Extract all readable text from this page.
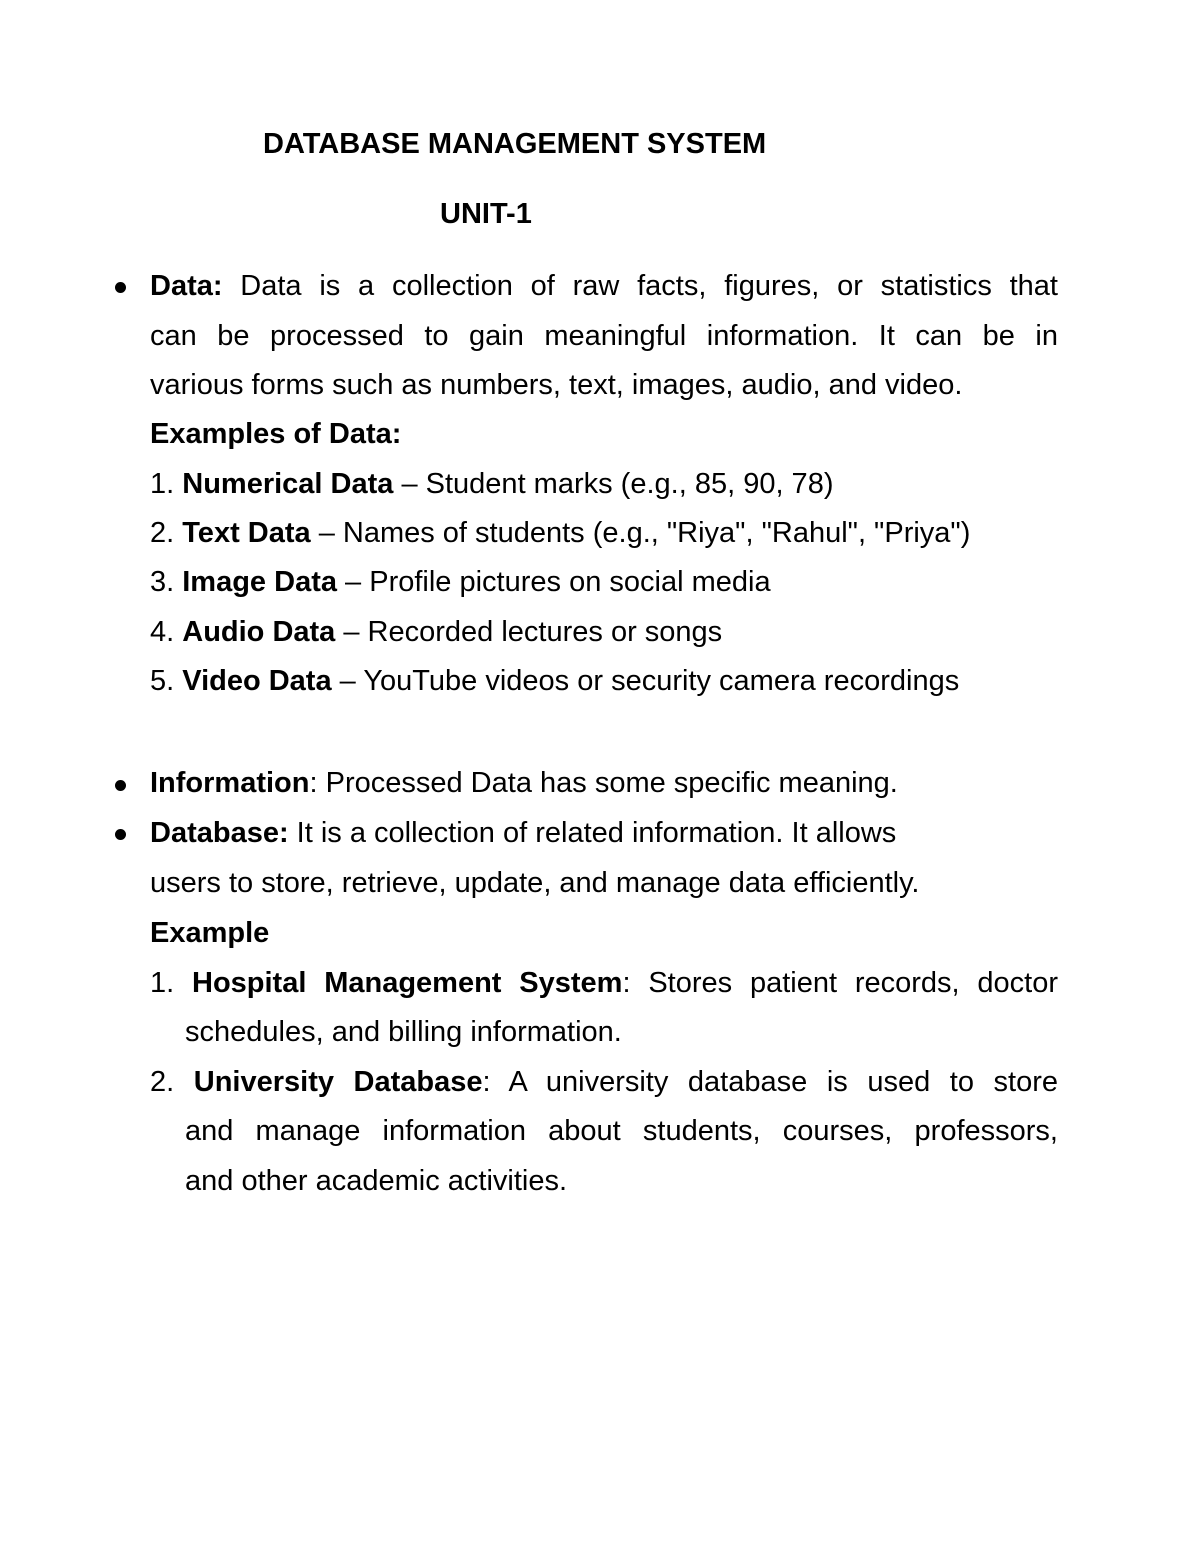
DATABASE MANAGEMENT SYSTEM
UNIT-1
Data: Data is a collection of raw facts, figures, or statistics that
can be processed to gain meaningful information. It can be in
various forms such as numbers, text, images, audio, and video.
Examples of Data:
1. Numerical Data – Student marks (e.g., 85, 90, 78)
2. Text Data – Names of students (e.g., "Riya", "Rahul", "Priya")
3. Image Data – Profile pictures on social media
4. Audio Data – Recorded lectures or songs
5. Video Data – YouTube videos or security camera recordings
Information: Processed Data has some specific meaning.
Database: It is a collection of related information. It allows
users to store, retrieve, update, and manage data efficiently.
Example
1. Hospital Management System: Stores patient records, doctor
schedules, and billing information.
2. University Database: A university database is used to store
and manage information about students, courses, professors,
and other academic activities.
